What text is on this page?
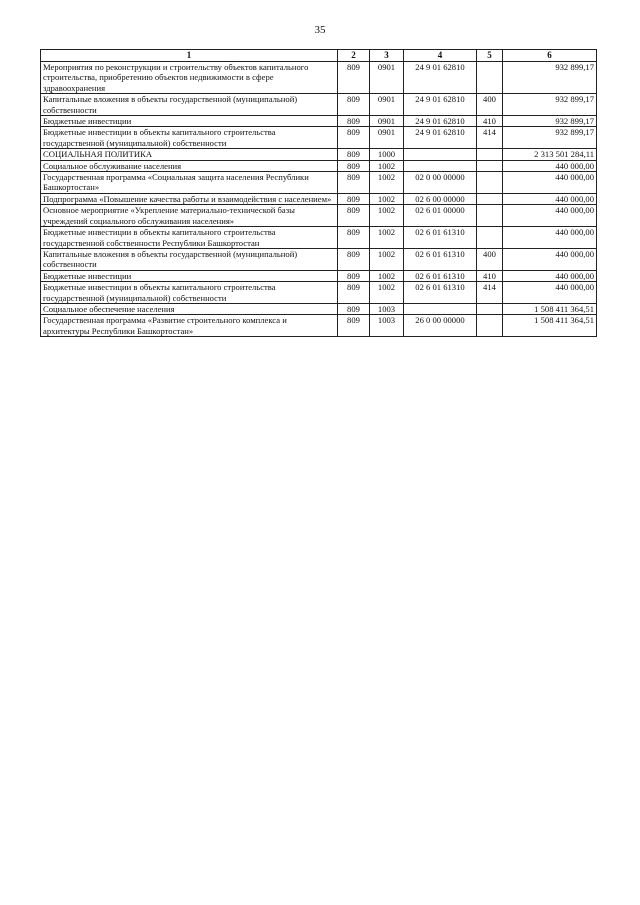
35
1	2	3	4	5	6
Мероприятия по реконструкции и строительству объектов капитального строительства, приобретению объектов недвижимости в сфере здравоохранения	809	0901	24 9 01 62810		932 899,17
Капитальные вложения в объекты государственной (муниципальной) собственности	809	0901	24 9 01 62810	400	932 899,17
Бюджетные инвестиции	809	0901	24 9 01 62810	410	932 899,17
Бюджетные инвестиции в объекты капитального строительства государственной (муниципальной) собственности	809	0901	24 9 01 62810	414	932 899,17
СОЦИАЛЬНАЯ ПОЛИТИКА	809	1000			2 313 501 284,11
Социальное обслуживание населения	809	1002			440 000,00
Государственная программа «Социальная защита населения Республики Башкортостан»	809	1002	02 0 00 00000		440 000,00
Подпрограмма «Повышение качества работы и взаимодействия с населением»	809	1002	02 6 00 00000		440 000,00
Основное мероприятие «Укрепление материально-технической базы учреждений социального обслуживания населения»	809	1002	02 6 01 00000		440 000,00
Бюджетные инвестиции в объекты капитального строительства государственной собственности Республики Башкортостан	809	1002	02 6 01 61310		440 000,00
Капитальные вложения в объекты государственной (муниципальной) собственности	809	1002	02 6 01 61310	400	440 000,00
Бюджетные инвестиции	809	1002	02 6 01 61310	410	440 000,00
Бюджетные инвестиции в объекты капитального строительства государственной (муниципальной) собственности	809	1002	02 6 01 61310	414	440 000,00
Социальное обеспечение населения	809	1003			1 508 411 364,51
Государственная программа «Развитие строительного комплекса и архитектуры Республики Башкортостан»	809	1003	26 0 00 00000		1 508 411 364,51
